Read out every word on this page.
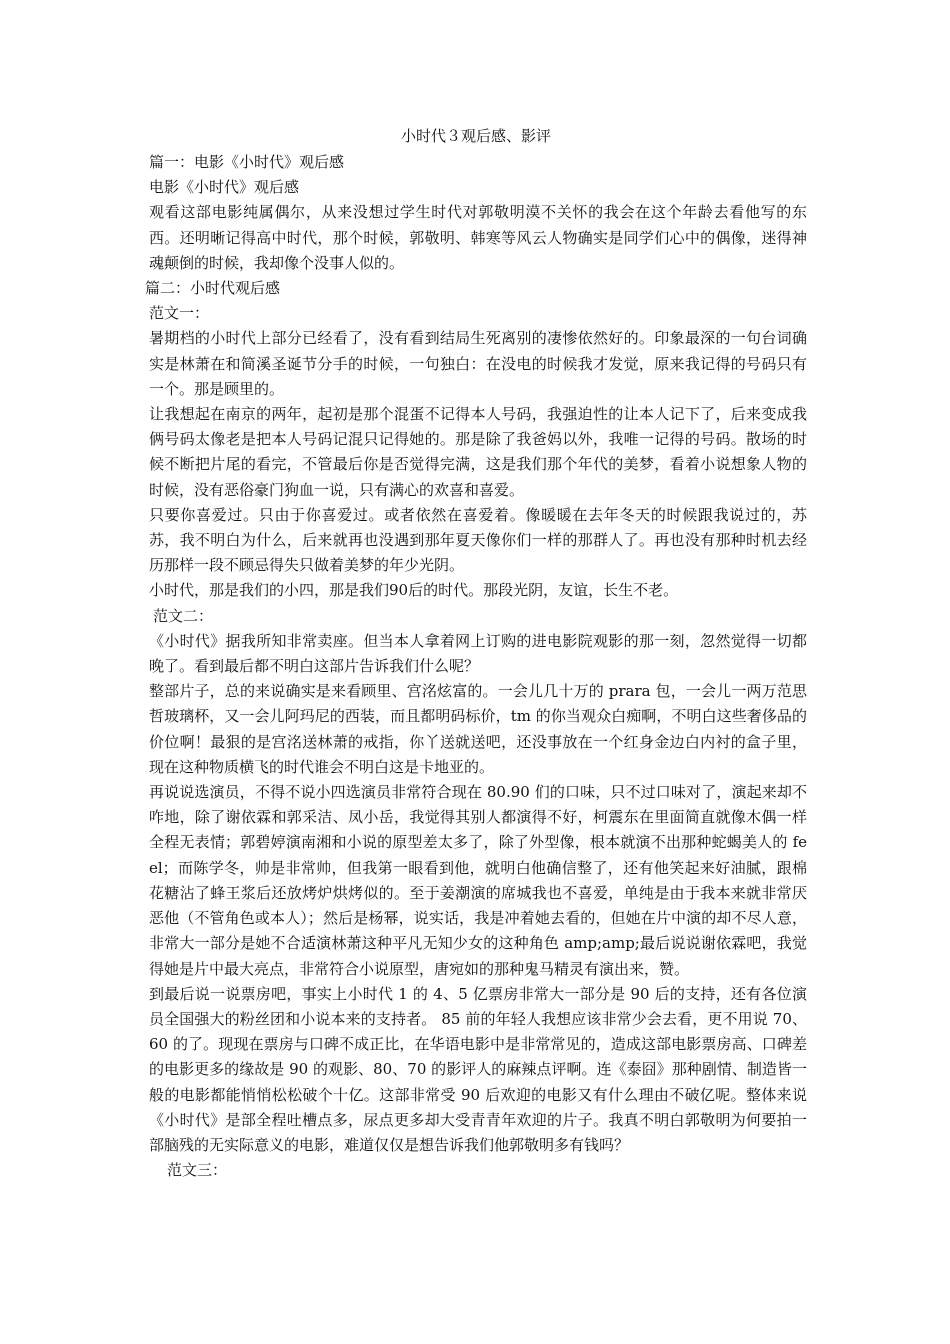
小时代３观后感、影评

篇一：电影《小时代》观后感

电影《小时代》观后感

观看这部电影纯属偶尔，从来没想过学生时代对郭敬明漠不关怀的我会在这个年龄去看他写的东西。还明晰记得高中时代，那个时候，郭敬明、韩寒等风云人物确实是同学们心中的偶像，迷得神魂颠倒的时候，我却像个没事人似的。

篇二：小时代观后感

范文一：

暑期档的小时代上部分已经看了，没有看到结局生死离别的凄惨依然好的。印象最深的一句台词确实是林萧在和简溪圣诞节分手的时候，一句独白：在没电的时候我才发觉，原来我记得的号码只有一个。那是顾里的。

让我想起在南京的两年，起初是那个混蛋不记得本人号码，我强迫性的让本人记下了，后来变成我俩号码太像老是把本人号码记混只记得她的。那是除了我爸妈以外，我唯一记得的号码。散场的时候不断把片尾的看完，不管最后你是否觉得完满，这是我们那个年代的美梦，看着小说想象人物的时候，没有恶俗豪门狗血一说，只有满心的欢喜和喜爱。

只要你喜爱过。只由于你喜爱过。或者依然在喜爱着。像暖暖在去年冬天的时候跟我说过的，苏苏，我不明白为什么，后来就再也没遇到那年夏天像你们一样的那群人了。再也没有那种时机去经历那样一段不顾忌得失只做着美梦的年少光阴。

小时代，那是我们的小四，那是我们90后的时代。那段光阴，友谊，长生不老。

范文二：

《小时代》据我所知非常卖座。但当本人拿着网上订购的进电影院观影的那一刻，忽然觉得一切都晚了。看到最后都不明白这部片告诉我们什么呢？

整部片子，总的来说确实是来看顾里、宫洺炫富的。一会儿几十万的 prara 包，一会儿一两万范思哲玻璃杯，又一会儿阿玛尼的西装，而且都明码标价，tm 的你当观众白痴啊，不明白这些奢侈品的价位啊！最狠的是宫洺送林萧的戒指，你丫送就送吧，还没事放在一个红身金边白内衬的盒子里，现在这种物质横飞的时代谁会不明白这是卡地亚的。

再说说选演员，不得不说小四选演员非常符合现在 80.90 们的口味，只不过口味对了，演起来却不咋地，除了谢依霖和郭采洁、凤小岳，我觉得其别人都演得不好，柯震东在里面简直就像木偶一样全程无表情；郭碧婷演南湘和小说的原型差太多了，除了外型像，根本就演不出那种蛇蝎美人的 feel；而陈学冬，帅是非常帅，但我第一眼看到他，就明白他确信整了，还有他笑起来好油腻，跟棉花糖沾了蜂王浆后还放烤炉烘烤似的。至于姜潮演的席城我也不喜爱，单纯是由于我本来就非常厌恶他（不管角色或本人）；然后是杨幂，说实话，我是冲着她去看的，但她在片中演的却不尽人意，非常大一部分是她不合适演林萧这种平凡无知少女的这种角色 amp;amp;最后说说谢依霖吧，我觉得她是片中最大亮点，非常符合小说原型，唐宛如的那种鬼马精灵有演出来，赞。

到最后说一说票房吧，事实上小时代 1 的 4、5 亿票房非常大一部分是 90 后的支持，还有各位演员全国强大的粉丝团和小说本来的支持者。 85 前的年轻人我想应该非常少会去看，更不用说 70、60 的了。现现在票房与口碑不成正比，在华语电影中是非常常见的，造成这部电影票房高、口碑差的电影更多的缘故是 90 的观影、80、70 的影评人的麻辣点评啊。连《泰囧》那种剧情、制造皆一般的电影都能悄悄松松破个十亿。这部非常受 90 后欢迎的电影又有什么理由不破亿呢。整体来说《小时代》是部全程吐槽点多，尿点更多却大受青青年欢迎的片子。我真不明白郭敬明为何要拍一部脑残的无实际意义的电影，难道仅仅是想告诉我们他郭敬明多有钱吗？

范文三：
